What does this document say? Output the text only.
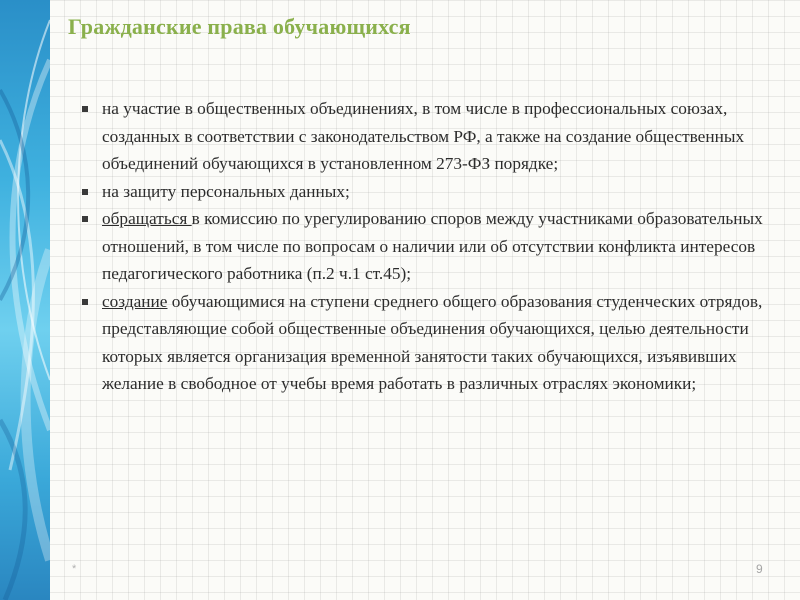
Гражданские права обучающихся
на участие в общественных объединениях, в том числе в профессиональных союзах, созданных в соответствии с законодательством РФ, а также на создание общественных объединений обучающихся в установленном 273-ФЗ порядке;
на защиту персональных данных;
обращаться в комиссию по урегулированию споров между участниками образовательных отношений, в том числе по вопросам о наличии или об отсутствии конфликта интересов педагогического работника (п.2 ч.1 ст.45);
создание обучающимися на ступени среднего общего образования студенческих отрядов, представляющие собой общественные объединения обучающихся, целью деятельности которых является организация временной занятости таких обучающихся, изъявивших желание в свободное от учебы время работать в различных отраслях экономики;
*	9
